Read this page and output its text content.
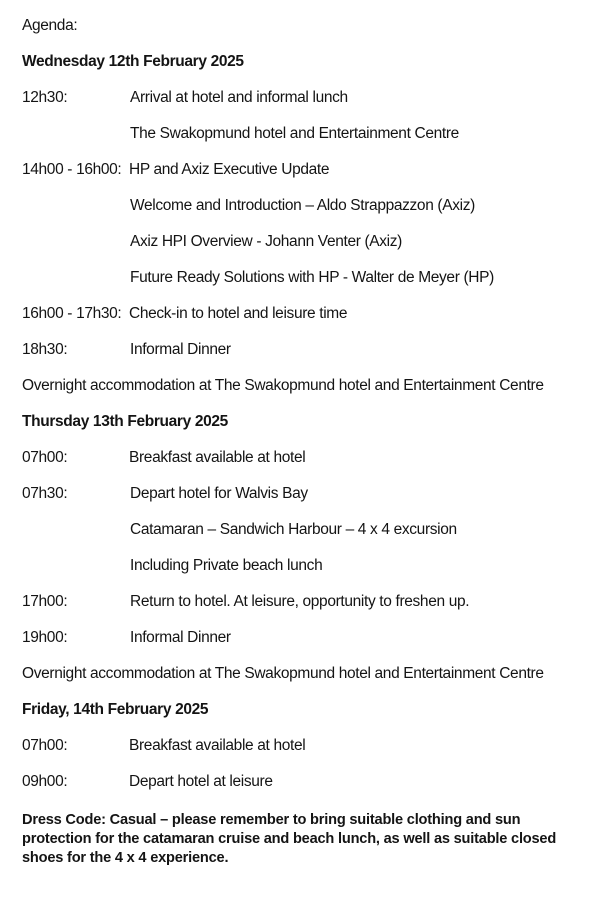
Agenda:
Wednesday 12th February 2025
12h30:	Arrival at hotel and informal lunch
The Swakopmund hotel and Entertainment Centre
14h00 - 16h00: HP and Axiz Executive Update
Welcome and Introduction – Aldo Strappazzon (Axiz)
Axiz HPI Overview - Johann Venter (Axiz)
Future Ready Solutions with HP - Walter de Meyer (HP)
16h00 - 17h30: Check-in to hotel and leisure time
18h30:	Informal Dinner
Overnight accommodation at The Swakopmund hotel and Entertainment Centre
Thursday 13th February 2025
07h00:	Breakfast available at hotel
07h30:	Depart hotel for Walvis Bay
Catamaran – Sandwich Harbour – 4 x 4 excursion
Including Private beach lunch
17h00:	Return to hotel. At leisure, opportunity to freshen up.
19h00:	Informal Dinner
Overnight accommodation at The Swakopmund hotel and Entertainment Centre
Friday, 14th February 2025
07h00:	Breakfast available at hotel
09h00:	Depart hotel at leisure
Dress Code: Casual – please remember to bring suitable clothing and sun protection for the catamaran cruise and beach lunch, as well as suitable closed shoes for the 4 x 4 experience.
